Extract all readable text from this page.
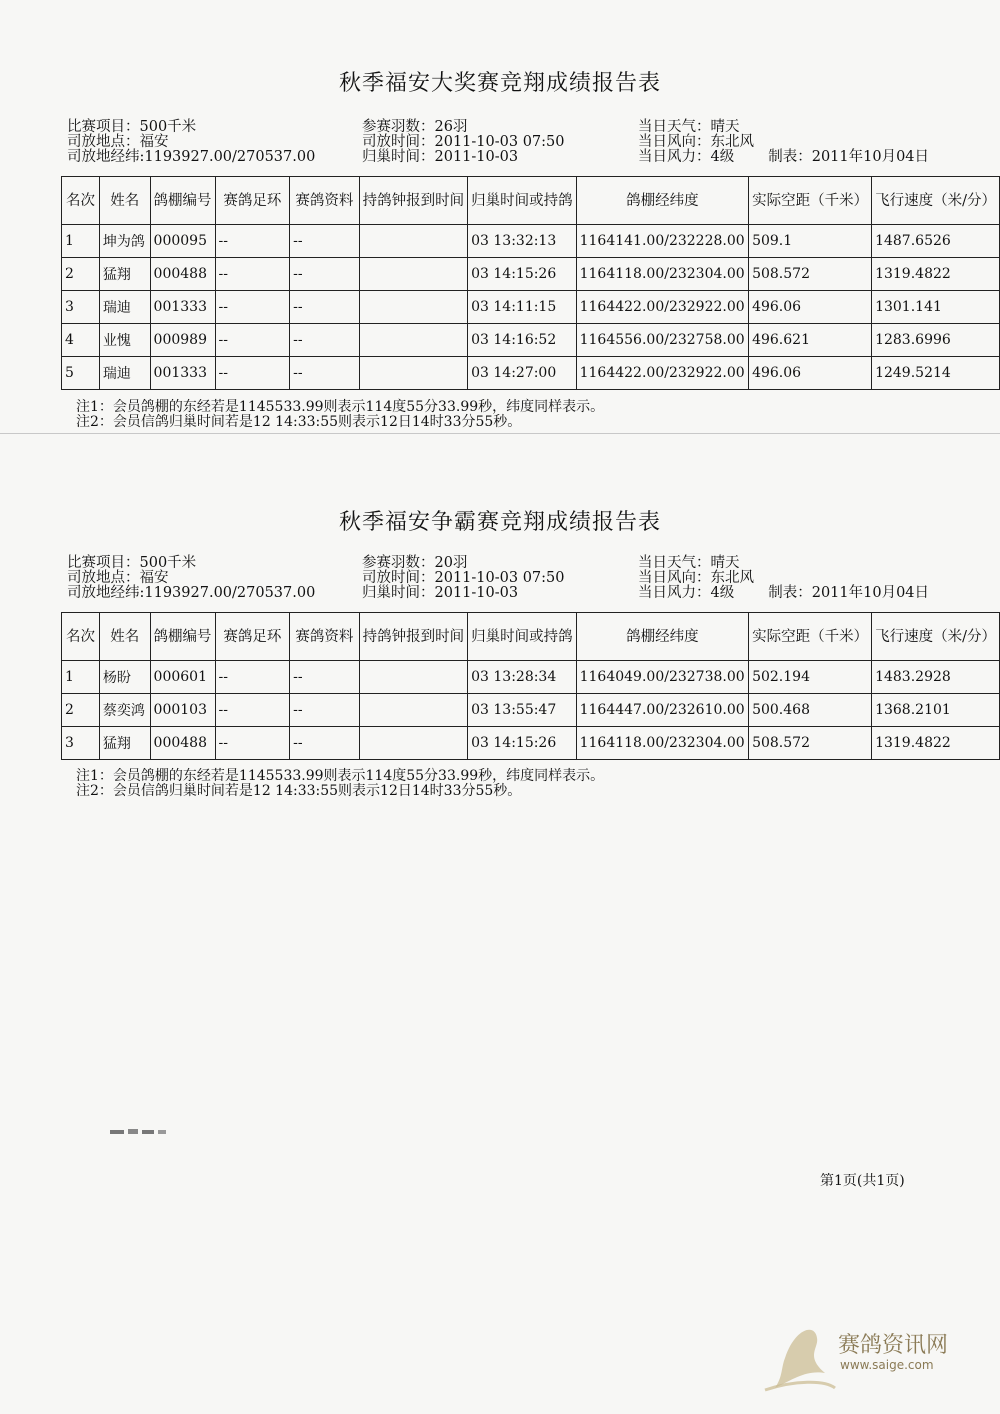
秋季福安大奖赛竞翔成绩报告表
比赛项目：500千米
司放地点：福安
司放地经纬:1193927.00/270537.00
参赛羽数：26羽
司放时间：2011-10-03 07:50
归巢时间：2011-10-03
当日天气：晴天
当日风向：东北风
当日风力：4级 制表：2011年10月04日
名次	姓名	鸽棚编号	赛鸽足环	赛鸽资料	持鸽钟报到时间	归巢时间或持鸽	鸽棚经纬度	实际空距（千米）	飞行速度（米/分）
1	坤为鸽	000095	--	--		03 13:32:13	1164141.00/232228.00	509.1	1487.6526
2	猛翔	000488	--	--		03 14:15:26	1164118.00/232304.00	508.572	1319.4822
3	瑞迪	001333	--	--		03 14:11:15	1164422.00/232922.00	496.06	1301.141
4	业愧	000989	--	--		03 14:16:52	1164556.00/232758.00	496.621	1283.6996
5	瑞迪	001333	--	--		03 14:27:00	1164422.00/232922.00	496.06	1249.5214
注1：会员鸽棚的东经若是1145533.99则表示114度55分33.99秒，纬度同样表示。
注2：会员信鸽归巢时间若是12 14:33:55则表示12日14时33分55秒。
秋季福安争霸赛竞翔成绩报告表
比赛项目：500千米
司放地点：福安
司放地经纬:1193927.00/270537.00
参赛羽数：20羽
司放时间：2011-10-03 07:50
归巢时间：2011-10-03
当日天气：晴天
当日风向：东北风
当日风力：4级 制表：2011年10月04日
名次	姓名	鸽棚编号	赛鸽足环	赛鸽资料	持鸽钟报到时间	归巢时间或持鸽	鸽棚经纬度	实际空距（千米）	飞行速度（米/分）
1	杨盼	000601	--	--		03 13:28:34	1164049.00/232738.00	502.194	1483.2928
2	蔡奕鸿	000103	--	--		03 13:55:47	1164447.00/232610.00	500.468	1368.2101
3	猛翔	000488	--	--		03 14:15:26	1164118.00/232304.00	508.572	1319.4822
注1：会员鸽棚的东经若是1145533.99则表示114度55分33.99秒，纬度同样表示。
注2：会员信鸽归巢时间若是12 14:33:55则表示12日14时33分55秒。
第1页(共1页)
赛鸽资讯网
www.saige.com
